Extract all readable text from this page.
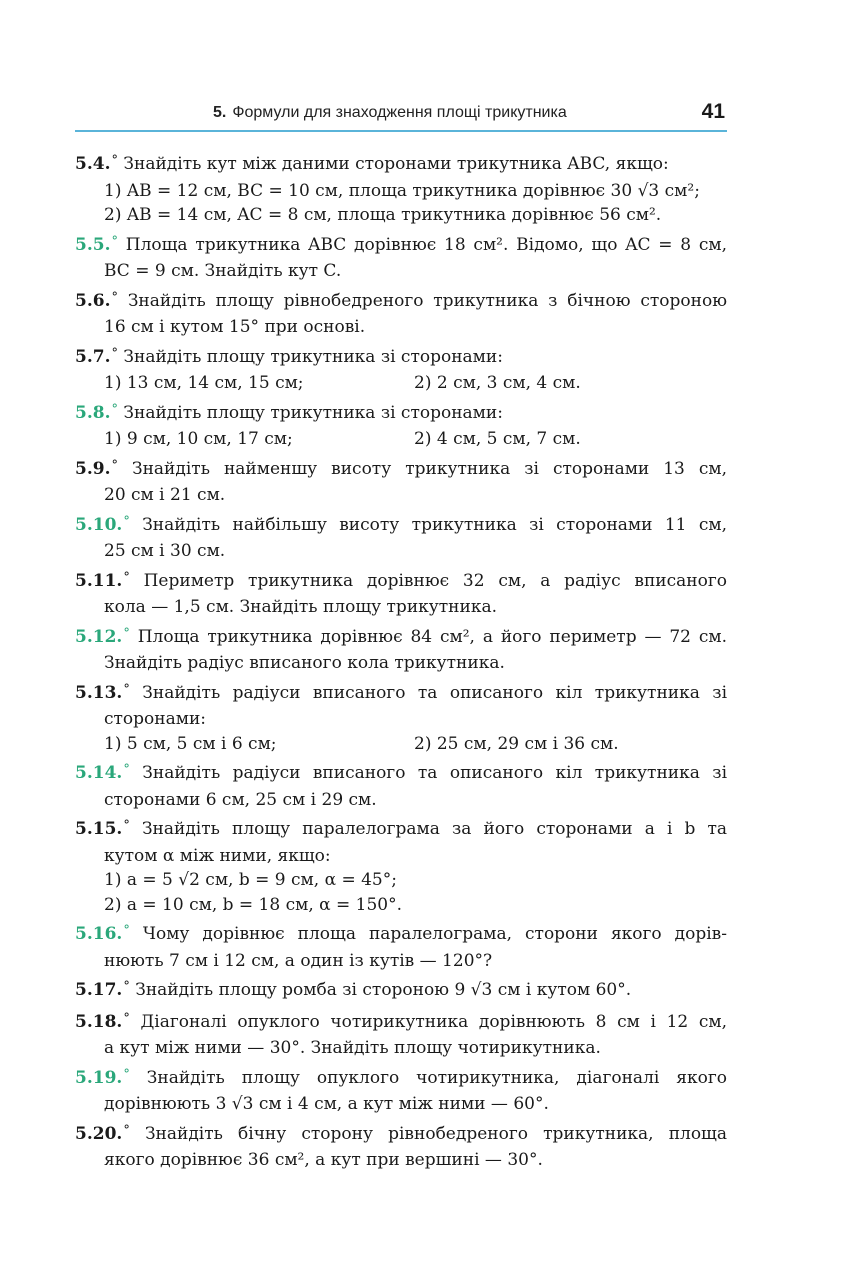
5. Формули для знаходження площі трикутника	41
5.4.° Знайдіть кут між даними сторонами трикутника ABC, якщо:
1) AB = 12 см, BC = 10 см, площа трикутника дорівнює 30 √3 см²;
2) AB = 14 см, AC = 8 см, площа трикутника дорівнює 56 см².
5.5.° Площа трикутника ABC дорівнює 18 см². Відомо, що AC = 8 см,
BC = 9 см. Знайдіть кут C.
5.6.° Знайдіть площу рівнобедреного трикутника з бічною стороною
16 см і кутом 15° при основі.
5.7.° Знайдіть площу трикутника зі сторонами:
1) 13 см, 14 см, 15 см;	2) 2 см, 3 см, 4 см.
5.8.° Знайдіть площу трикутника зі сторонами:
1) 9 см, 10 см, 17 см;	2) 4 см, 5 см, 7 см.
5.9.° Знайдіть найменшу висоту трикутника зі сторонами 13 см,
20 см і 21 см.
5.10.° Знайдіть найбільшу висоту трикутника зі сторонами 11 см,
25 см і 30 см.
5.11.° Периметр трикутника дорівнює 32 см, а радіус вписаного
кола — 1,5 см. Знайдіть площу трикутника.
5.12.° Площа трикутника дорівнює 84 см², а його периметр — 72 см.
Знайдіть радіус вписаного кола трикутника.
5.13.° Знайдіть радіуси вписаного та описаного кіл трикутника зі
сторонами:
1) 5 см, 5 см і 6 см;	2) 25 см, 29 см і 36 см.
5.14.° Знайдіть радіуси вписаного та описаного кіл трикутника зі
сторонами 6 см, 25 см і 29 см.
5.15.° Знайдіть площу паралелограма за його сторонами a і b та
кутом α між ними, якщо:
1) a = 5 √2 см, b = 9 см, α = 45°;
2) a = 10 см, b = 18 см, α = 150°.
5.16.° Чому дорівнює площа паралелограма, сторони якого дорів-
нюють 7 см і 12 см, а один із кутів — 120°?
5.17.° Знайдіть площу ромба зі стороною 9 √3 см і кутом 60°.
5.18.° Діагоналі опуклого чотирикутника дорівнюють 8 см і 12 см,
а кут між ними — 30°. Знайдіть площу чотирикутника.
5.19.° Знайдіть площу опуклого чотирикутника, діагоналі якого
дорівнюють 3 √3 см і 4 см, а кут між ними — 60°.
5.20.° Знайдіть бічну сторону рівнобедреного трикутника, площа
якого дорівнює 36 см², а кут при вершині — 30°.
